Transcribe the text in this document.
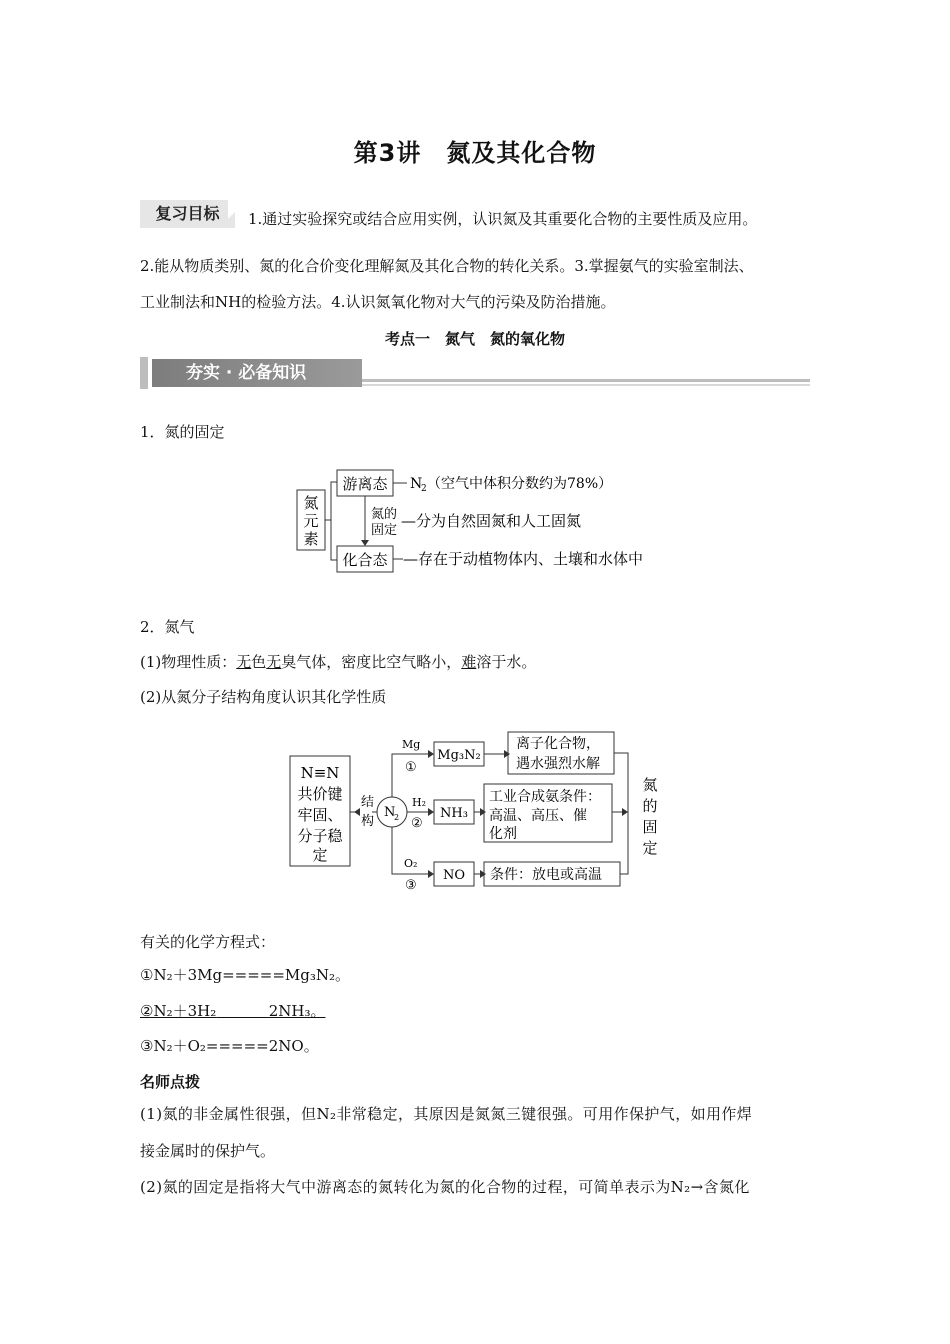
第3讲　氮及其化合物
复习目标	1.通过实验探究或结合应用实例，认识氮及其重要化合物的主要性质及应用。
2.能从物质类别、氮的化合价变化理解氮及其化合物的转化关系。3.掌握氨气的实验室制法、
工业制法和NH的检验方法。4.认识氮氧化物对大气的污染及防治措施。
考点一　氮气　氮的氧化物
夯实 · 必备知识
1．氮的固定
氮
元
素
游离态
化合态
N
2 （空气中体积分数约为78%）
氮的
固定
—分为自然固氮和人工固氮
—存在于动植物体内、土壤和水体中
2．氮气
(1)物理性质：无色无臭气体，密度比空气略小，难溶于水。
(2)从氮分子结构角度认识其化学性质
N≡N
共价键
牢固、
分子稳
定
结
构
N
2
Mg
①
Mg₃N₂
离子化合物，
遇水强烈水解
H₂
②
NH₃
工业合成氨条件：
高温、高压、催
化剂
O₂
③
NO 条件：放电或高温
氮
的
固
定
有关的化学方程式：
①N₂＋3Mg=====Mg₃N₂。
②N₂＋3H₂    	2NH₃。
③N₂＋O₂=====2NO。
名师点拨
(1)氮的非金属性很强，但N₂非常稳定，其原因是氮氮三键很强。可用作保护气，如用作焊
接金属时的保护气。
(2)氮的固定是指将大气中游离态的氮转化为氮的化合物的过程，可简单表示为N₂→含氮化
